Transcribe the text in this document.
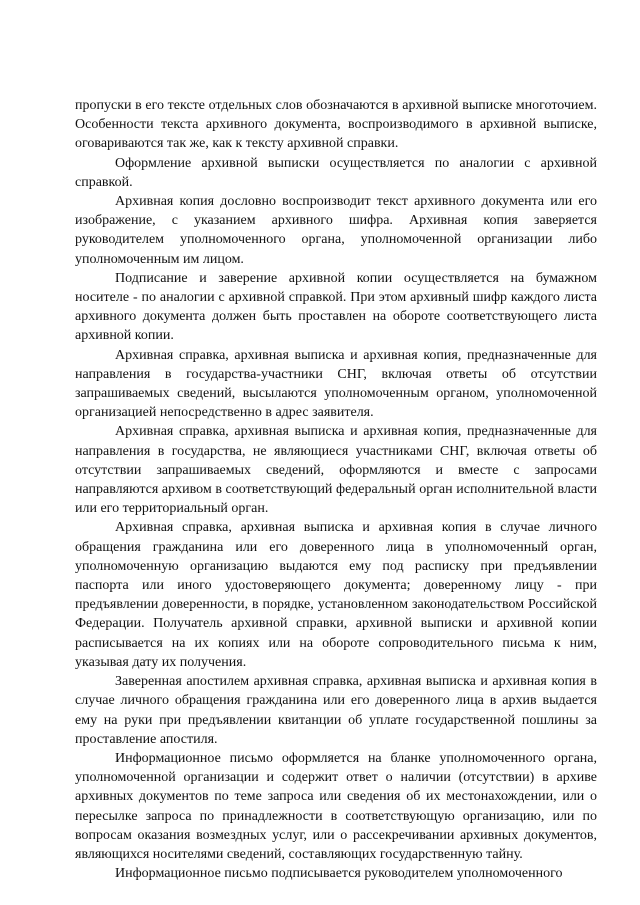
пропуски в его тексте отдельных слов обозначаются в архивной выписке многоточием. Особенности текста архивного документа, воспроизводимого в архивной выписке, оговариваются так же, как к тексту архивной справки.

Оформление архивной выписки осуществляется по аналогии с архивной справкой.

Архивная копия дословно воспроизводит текст архивного документа или его изображение, с указанием архивного шифра. Архивная копия заверяется руководителем уполномоченного органа, уполномоченной организации либо уполномоченным им лицом.

Подписание и заверение архивной копии осуществляется на бумажном носителе - по аналогии с архивной справкой. При этом архивный шифр каждого листа архивного документа должен быть проставлен на обороте соответствующего листа архивной копии.

Архивная справка, архивная выписка и архивная копия, предназначенные для направления в государства-участники СНГ, включая ответы об отсутствии запрашиваемых сведений, высылаются уполномоченным органом, уполномоченной организацией непосредственно в адрес заявителя.

Архивная справка, архивная выписка и архивная копия, предназначенные для направления в государства, не являющиеся участниками СНГ, включая ответы об отсутствии запрашиваемых сведений, оформляются и вместе с запросами направляются архивом в соответствующий федеральный орган исполнительной власти или его территориальный орган.

Архивная справка, архивная выписка и архивная копия в случае личного обращения гражданина или его доверенного лица в уполномоченный орган, уполномоченную организацию выдаются ему под расписку при предъявлении паспорта или иного удостоверяющего документа; доверенному лицу - при предъявлении доверенности, в порядке, установленном законодательством Российской Федерации. Получатель архивной справки, архивной выписки и архивной копии расписывается на их копиях или на обороте сопроводительного письма к ним, указывая дату их получения.

Заверенная апостилем архивная справка, архивная выписка и архивная копия в случае личного обращения гражданина или его доверенного лица в архив выдается ему на руки при предъявлении квитанции об уплате государственной пошлины за проставление апостиля.

Информационное письмо оформляется на бланке уполномоченного органа, уполномоченной организации и содержит ответ о наличии (отсутствии) в архиве архивных документов по теме запроса или сведения об их местонахождении, или о пересылке запроса по принадлежности в соответствующую организацию, или по вопросам оказания возмездных услуг, или о рассекречивании архивных документов, являющихся носителями сведений, составляющих государственную тайну.

Информационное письмо подписывается руководителем уполномоченного
